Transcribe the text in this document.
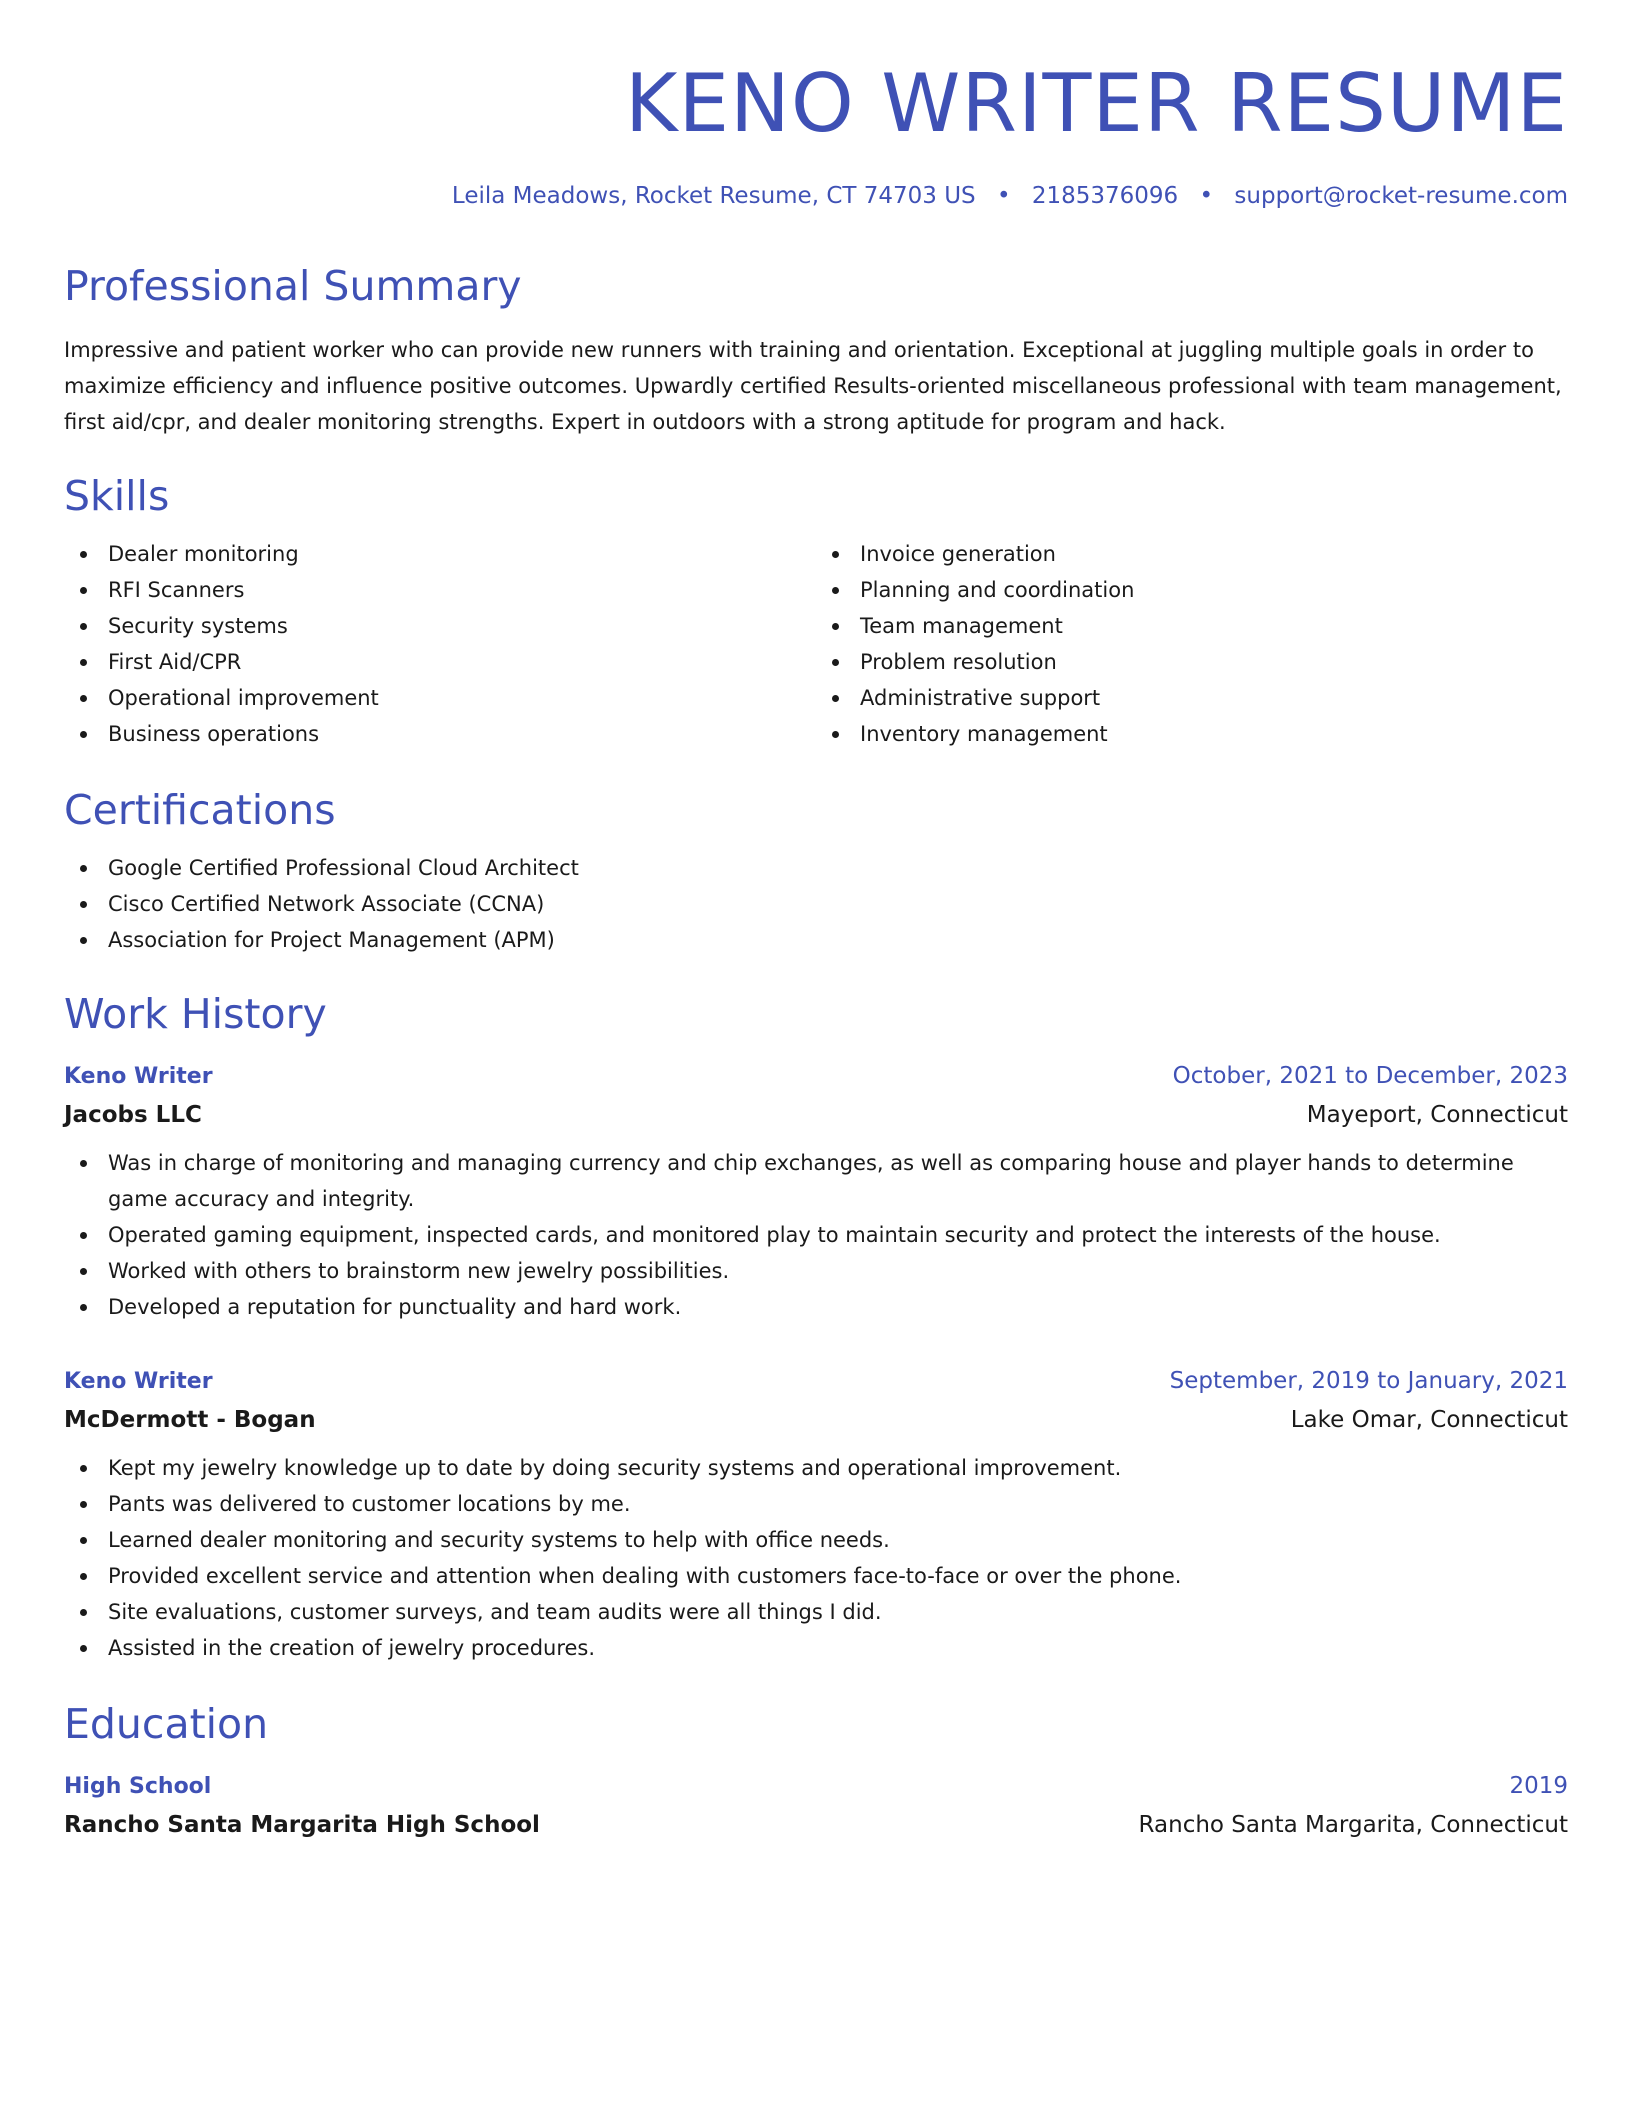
KENO WRITER RESUME
Leila Meadows, Rocket Resume, CT 74703 US • 2185376096 • support@rocket-resume.com
Professional Summary

Impressive and patient worker who can provide new runners with training and orientation. Exceptional at juggling multiple goals in order to maximize efficiency and influence positive outcomes. Upwardly certified Results-oriented miscellaneous professional with team management, first aid/cpr, and dealer monitoring strengths. Expert in outdoors with a strong aptitude for program and hack.

Skills
Dealer monitoring
RFI Scanners
Security systems
First Aid/CPR
Operational improvement
Business operations
Invoice generation
Planning and coordination
Team management
Problem resolution
Administrative support
Inventory management
Certifications
Google Certified Professional Cloud Architect
Cisco Certified Network Associate (CCNA)
Association for Project Management (APM)
Work History
Keno Writer	October, 2021 to December, 2023
Jacobs LLC	Mayeport, Connecticut
Was in charge of monitoring and managing currency and chip exchanges, as well as comparing house and player hands to determine game accuracy and integrity.
Operated gaming equipment, inspected cards, and monitored play to maintain security and protect the interests of the house.
Worked with others to brainstorm new jewelry possibilities.
Developed a reputation for punctuality and hard work.
Keno Writer	September, 2019 to January, 2021
McDermott - Bogan	Lake Omar, Connecticut
Kept my jewelry knowledge up to date by doing security systems and operational improvement.
Pants was delivered to customer locations by me.
Learned dealer monitoring and security systems to help with office needs.
Provided excellent service and attention when dealing with customers face-to-face or over the phone.
Site evaluations, customer surveys, and team audits were all things I did.
Assisted in the creation of jewelry procedures.
Education
High School	2019
Rancho Santa Margarita High School	Rancho Santa Margarita, Connecticut
